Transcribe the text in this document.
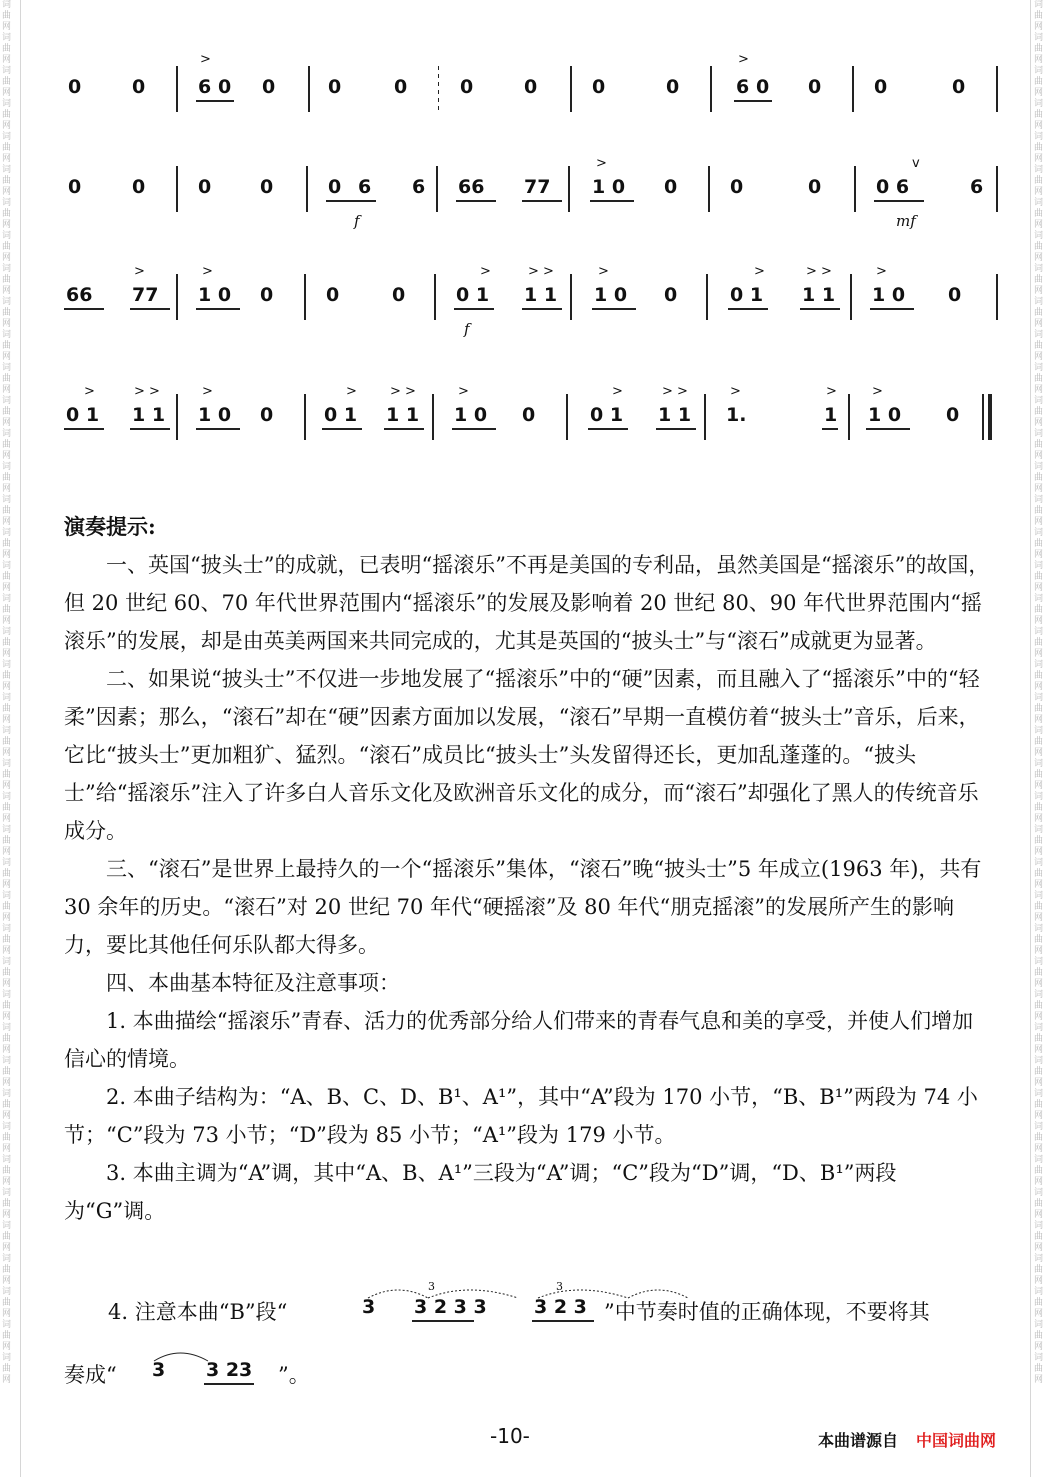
词曲网词曲网词曲网词曲网词曲网词曲网词曲网词曲网词曲网词曲网词曲网词曲网词曲网词曲网词曲网词曲网词曲网词曲网词曲网词曲网词曲网词曲网词曲网词曲网词曲网词曲网词曲网词曲网词曲网词曲网词曲网词曲网词曲网词曲网词曲网词曲网词曲网词曲网词曲网词曲网词曲网词曲网
词曲网词曲网词曲网词曲网词曲网词曲网词曲网词曲网词曲网词曲网词曲网词曲网词曲网词曲网词曲网词曲网词曲网词曲网词曲网词曲网词曲网词曲网词曲网词曲网词曲网词曲网词曲网词曲网词曲网词曲网词曲网词曲网词曲网词曲网词曲网词曲网词曲网词曲网词曲网词曲网词曲网词曲网
0	0
>
6 0 0	0	0	0	0	0	0
>
6 0 0	0	0
0	0	0	0	0 6 6
f
66 77
>
1 0 0	0	0
v
0 6	6
mf
66
>
77
>
1 0 0	0	0
>
0 1
f
> >
1 1
>
1 0 0
>
0 1
> >
1 1
>
1 0 0
>
0 1
> >
1 1
>
1 0 0
>
0 1
> >
1 1
>
1 0 0
>
0 1
> >
1 1
>
1.
>
1
>
1 0 0

演奏提示:

一、英国“披头士”的成就，已表明“摇滚乐”不再是美国的专利品，虽然美国是“摇滚乐”的故国，但 20 世纪 60、70 年代世界范围内“摇滚乐”的发展及影响着 20 世纪 80、90 年代世界范围内“摇滚乐”的发展，却是由英美两国来共同完成的，尤其是英国的“披头士”与“滚石”成就更为显著。

二、如果说“披头士”不仅进一步地发展了“摇滚乐”中的“硬”因素，而且融入了“摇滚乐”中的“轻柔”因素；那么，“滚石”却在“硬”因素方面加以发展，“滚石”早期一直模仿着“披头士”音乐，后来，它比“披头士”更加粗犷、猛烈。“滚石”成员比“披头士”头发留得还长，更加乱蓬蓬的。“披头士”给“摇滚乐”注入了许多白人音乐文化及欧洲音乐文化的成分，而“滚石”却强化了黑人的传统音乐成分。

三、“滚石”是世界上最持久的一个“摇滚乐”集体，“滚石”晚“披头士”5 年成立(1963 年)，共有 30 余年的历史。“滚石”对 20 世纪 70 年代“硬摇滚”及 80 年代“朋克摇滚”的发展所产生的影响力，要比其他任何乐队都大得多。

四、本曲基本特征及注意事项：

1. 本曲描绘“摇滚乐”青春、活力的优秀部分给人们带来的青春气息和美的享受，并使人们增加信心的情境。

2. 本曲子结构为：“A、B、C、D、B¹、A¹”，其中“A”段为 170 小节，“B、B¹”两段为 74 小节；“C”段为 73 小节；“D”段为 85 小节；“A¹”段为 179 小节。

3. 本曲主调为“A”调，其中“A、B、A¹”三段为“A”调；“C”段为“D”调，“D、B¹”两段为“G”调。

4. 注意本曲“B”段“
3	3
3 3 2 3 3 3 2 3 ”中节奏时值的正确体现，不要将其
奏成“ 3 3 23 ”。
-10-	本曲谱源自 中国词曲网
